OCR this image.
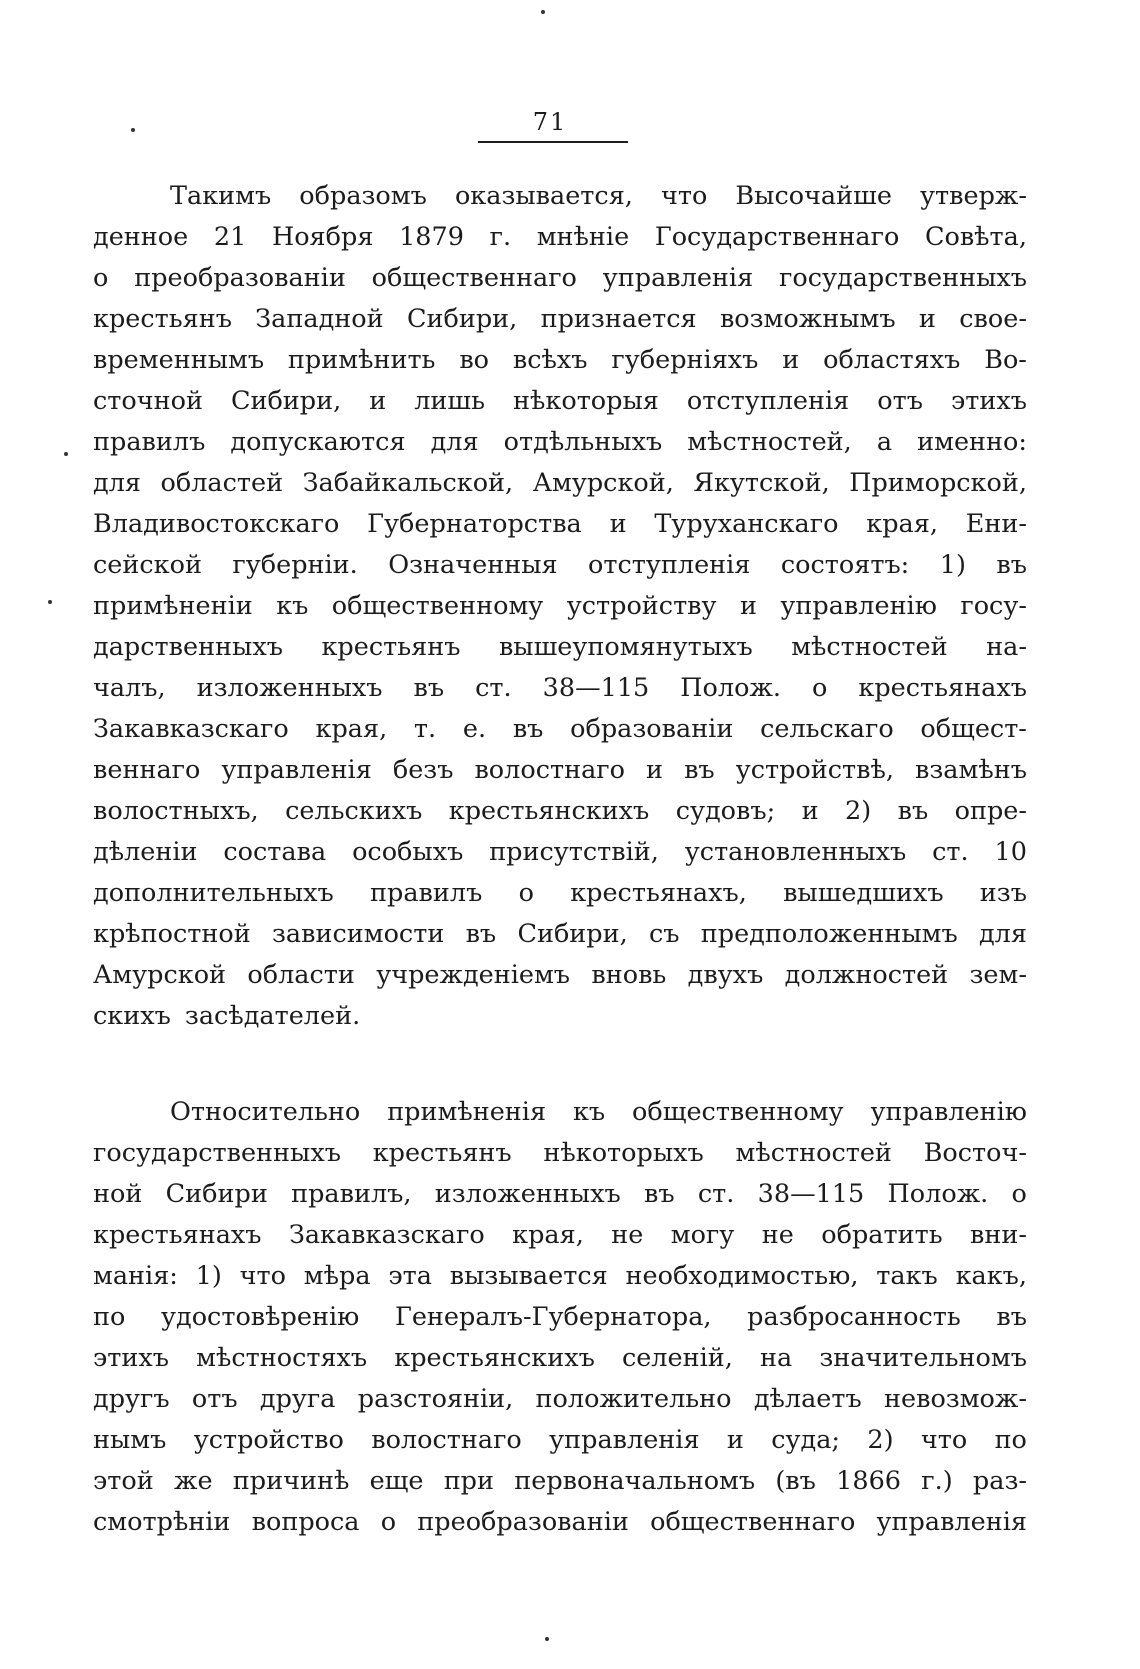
71
Такимъ образомъ оказывается, что Высочайше утверж-
денное 21 Ноября 1879 г. мнѣніе Государственнаго Совѣта,
о преобразованіи общественнаго управленія государственныхъ
крестьянъ Западной Сибири, признается возможнымъ и свое-
временнымъ примѣнить во всѣхъ губерніяхъ и областяхъ Во-
сточной Сибири, и лишь нѣкоторыя отступленія отъ этихъ
правилъ допускаются для отдѣльныхъ мѣстностей, а именно:
для областей Забайкальской, Амурской, Якутской, Приморской,
Владивостокскаго Губернаторства и Туруханскаго края, Ени-
сейской губерніи. Означенныя отступленія состоятъ: 1) въ
примѣненіи къ общественному устройству и управленію госу-
дарственныхъ крестьянъ вышеупомянутыхъ мѣстностей на-
чалъ, изложенныхъ въ ст. 38—115 Полож. о крестьянахъ
Закавказскаго края, т. е. въ образованіи сельскаго общест-
веннаго управленія безъ волостнаго и въ устройствѣ, взамѣнъ
волостныхъ, сельскихъ крестьянскихъ судовъ; и 2) въ опре-
дѣленіи состава особыхъ присутствій, установленныхъ ст. 10
дополнительныхъ правилъ о крестьянахъ, вышедшихъ изъ
крѣпостной зависимости въ Сибири, съ предположеннымъ для
Амурской области учрежденіемъ вновь двухъ должностей зем-
скихъ засѣдателей.
Относительно примѣненія къ общественному управленію
государственныхъ крестьянъ нѣкоторыхъ мѣстностей Восточ-
ной Сибири правилъ, изложенныхъ въ ст. 38—115 Полож. о
крестьянахъ Закавказскаго края, не могу не обратить вни-
манія: 1) что мѣра эта вызывается необходимостью, такъ какъ,
по удостовѣренію Генералъ-Губернатора, разбросанность въ
этихъ мѣстностяхъ крестьянскихъ селеній, на значительномъ
другъ отъ друга разстояніи, положительно дѣлаетъ невозмож-
нымъ устройство волостнаго управленія и суда; 2) что по
этой же причинѣ еще при первоначальномъ (въ 1866 г.) раз-
смотрѣніи вопроса о преобразованіи общественнаго управленія
